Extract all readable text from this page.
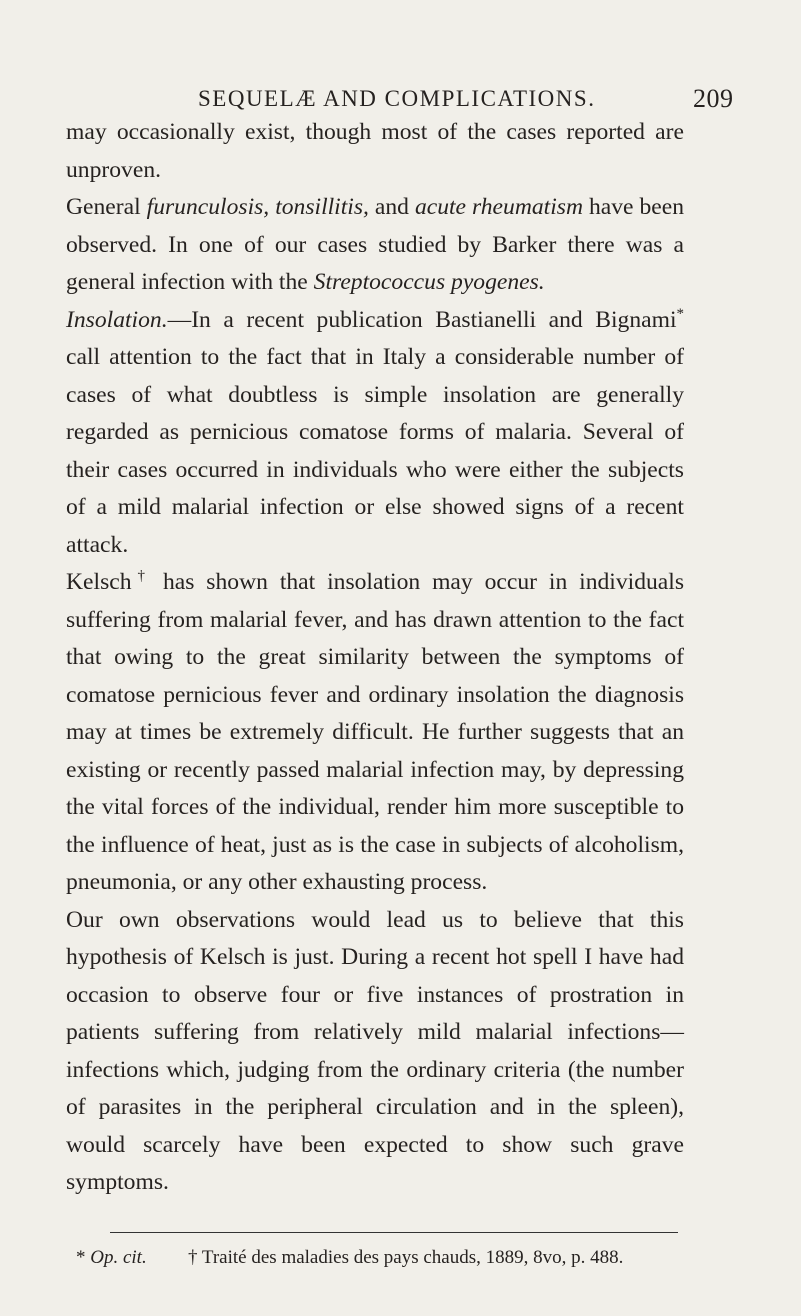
SEQUELÆ AND COMPLICATIONS.	209

may occasionally exist, though most of the cases reported are unproven.

General furunculosis, tonsillitis, and acute rheumatism have been observed. In one of our cases studied by Barker there was a general infection with the Streptococcus pyogenes.

Insolation.—In a recent publication Bastianelli and Bignami* call attention to the fact that in Italy a considerable number of cases of what doubtless is simple insolation are generally regarded as pernicious comatose forms of malaria. Several of their cases occurred in individuals who were either the subjects of a mild malarial infection or else showed signs of a recent attack.

Kelsch† has shown that insolation may occur in individuals suffering from malarial fever, and has drawn attention to the fact that owing to the great similarity between the symptoms of comatose pernicious fever and ordinary insolation the diagnosis may at times be extremely difficult. He further suggests that an existing or recently passed malarial infection may, by depressing the vital forces of the individual, render him more susceptible to the influence of heat, just as is the case in subjects of alcoholism, pneumonia, or any other exhausting process.

Our own observations would lead us to believe that this hypothesis of Kelsch is just. During a recent hot spell I have had occasion to observe four or five instances of prostration in patients suffering from relatively mild malarial infections—infections which, judging from the ordinary criteria (the number of parasites in the peripheral circulation and in the spleen), would scarcely have been expected to show such grave symptoms.

* Op. cit. † Traité des maladies des pays chauds, 1889, 8vo, p. 488.
